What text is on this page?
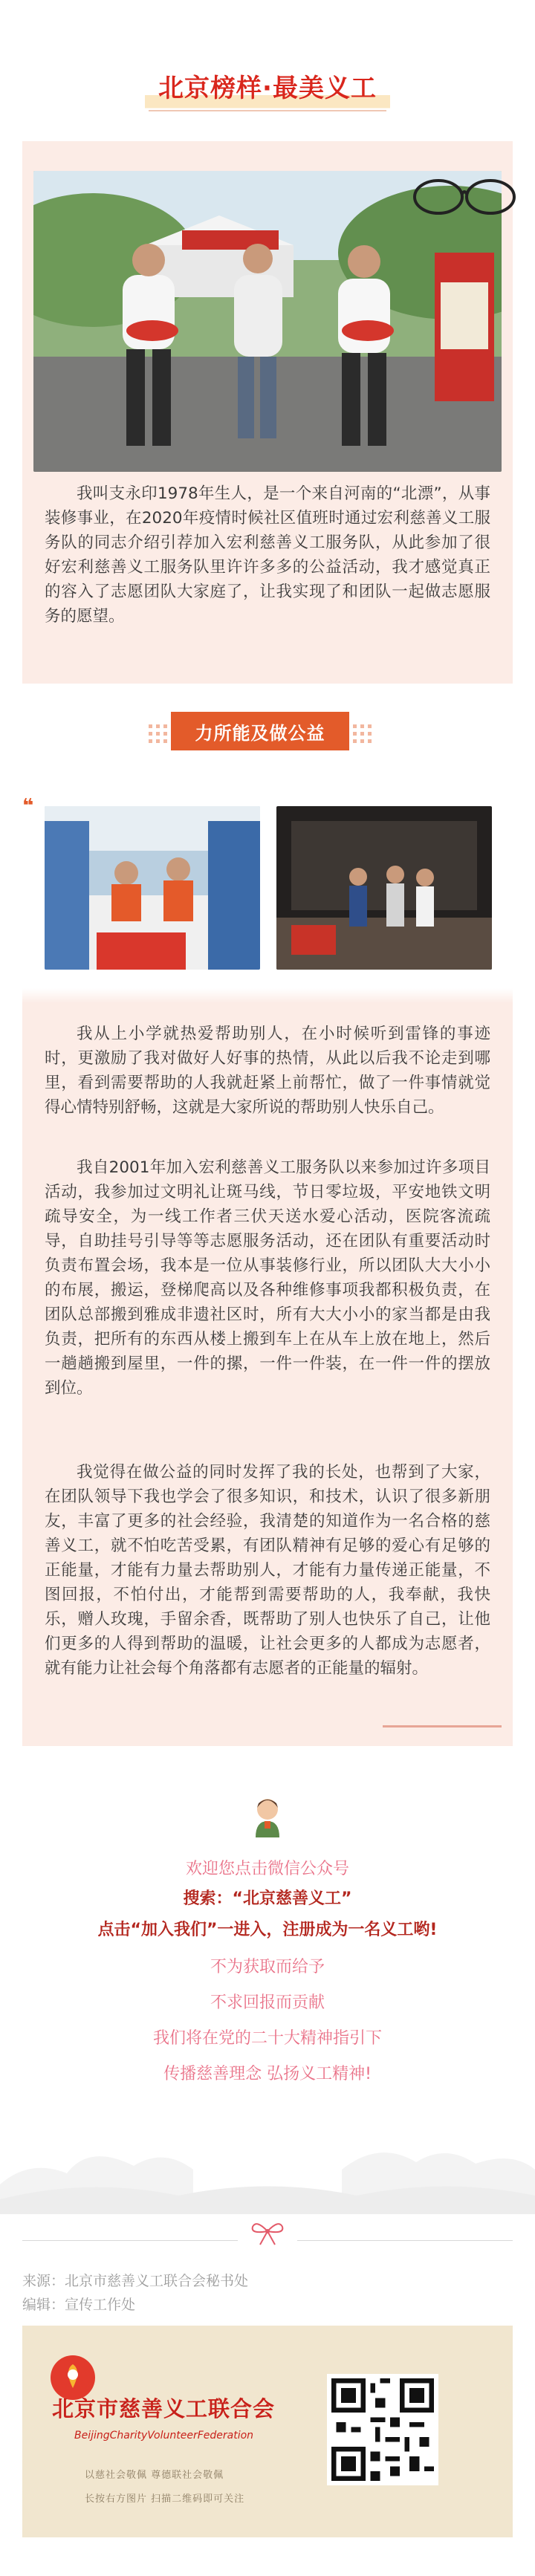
北京榜样·最美义工

我叫支永印1978年生人，是一个来自河南的“北漂”，从事装修事业，在2020年疫情时候社区值班时通过宏利慈善义工服务队的同志介绍引荐加入宏利慈善义工服务队，从此参加了很好宏利慈善义工服务队里许许多多的公益活动，我才感觉真正的容入了志愿团队大家庭了，让我实现了和团队一起做志愿服务的愿望。

力所能及做公益
❝

我从上小学就热爱帮助别人，在小时候听到雷锋的事迹时，更激励了我对做好人好事的热情，从此以后我不论走到哪里，看到需要帮助的人我就赶紧上前帮忙，做了一件事情就觉得心情特别舒畅，这就是大家所说的帮助别人快乐自己。

我自2001年加入宏利慈善义工服务队以来参加过许多项目活动，我参加过文明礼让斑马线，节日零垃圾，平安地铁文明疏导安全，为一线工作者三伏天送水爱心活动，医院客流疏导，自助挂号引导等等志愿服务活动，还在团队有重要活动时负责布置会场，我本是一位从事装修行业，所以团队大大小小的布展，搬运，登梯爬高以及各种维修事项我都积极负责，在团队总部搬到雅成非遗社区时，所有大大小小的家当都是由我负责，把所有的东西从楼上搬到车上在从车上放在地上，然后一趟趟搬到屋里，一件的摞，一件一件装，在一件一件的摆放到位。

我觉得在做公益的同时发挥了我的长处，也帮到了大家，在团队领导下我也学会了很多知识，和技术，认识了很多新朋友，丰富了更多的社会经验，我清楚的知道作为一名合格的慈善义工，就不怕吃苦受累，有团队精神有足够的爱心有足够的正能量，才能有力量去帮助别人，才能有力量传递正能量，不图回报，不怕付出，才能帮到需要帮助的人，我奉献，我快乐，赠人玫瑰，手留余香，既帮助了别人也快乐了自己，让他们更多的人得到帮助的温暖，让社会更多的人都成为志愿者，就有能力让社会每个角落都有志愿者的正能量的辐射。

欢迎您点击微信公众号
搜索：“北京慈善义工”
点击“加入我们”一进入，注册成为一名义工哟!
不为获取而给予
不求回报而贡献
我们将在党的二十大精神指引下
传播慈善理念 弘扬义工精神!
来源：北京市慈善义工联合会秘书处
编辑：宣传工作处
北京市慈善义工联合会
BeijingCharityVolunteerFederation
以慈社会敬佩 尊德联社会敬佩
长按右方图片 扫描二维码即可关注
